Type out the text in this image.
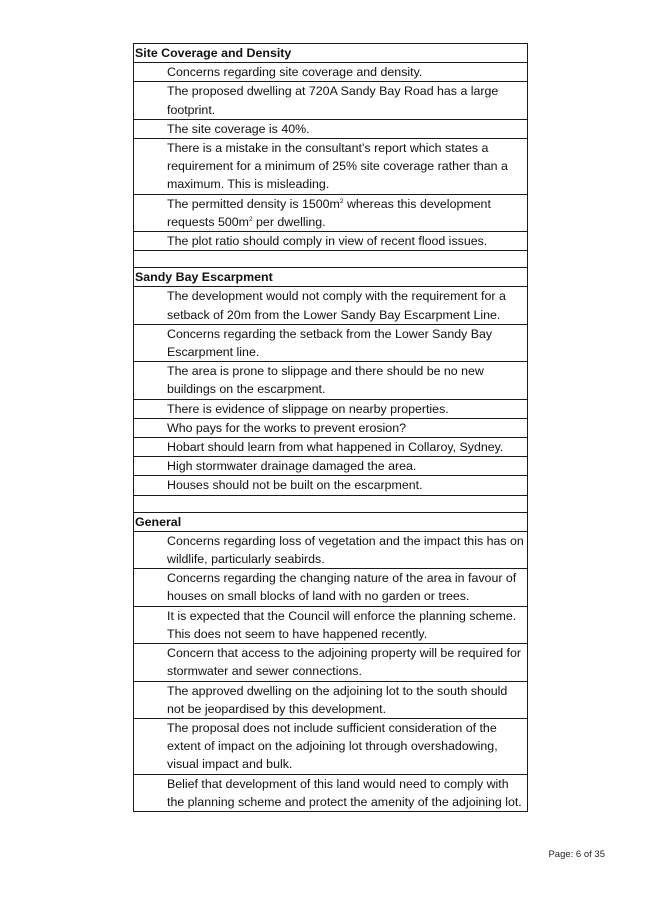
Site Coverage and Density
Concerns regarding site coverage and density.
The proposed dwelling at 720A Sandy Bay Road has a large footprint.
The site coverage is 40%.
There is a mistake in the consultant’s report which states a requirement for a minimum of 25% site coverage rather than a maximum. This is misleading.
The permitted density is $1500m^2$ whereas this development requests $500m^2$ per dwelling.
The plot ratio should comply in view of recent flood issues.

Sandy Bay Escarpment
The development would not comply with the requirement for a setback of 20m from the Lower Sandy Bay Escarpment Line.
Concerns regarding the setback from the Lower Sandy Bay Escarpment line.
The area is prone to slippage and there should be no new buildings on the escarpment.
There is evidence of slippage on nearby properties.
Who pays for the works to prevent erosion?
Hobart should learn from what happened in Collaroy, Sydney.
High stormwater drainage damaged the area.
Houses should not be built on the escarpment.

General
Concerns regarding loss of vegetation and the impact this has on wildlife, particularly seabirds.
Concerns regarding the changing nature of the area in favour of houses on small blocks of land with no garden or trees.
It is expected that the Council will enforce the planning scheme. This does not seem to have happened recently.
Concern that access to the adjoining property will be required for stormwater and sewer connections.
The approved dwelling on the adjoining lot to the south should not be jeopardised by this development.
The proposal does not include sufficient consideration of the extent of impact on the adjoining lot through overshadowing, visual impact and bulk.
Belief that development of this land would need to comply with the planning scheme and protect the amenity of the adjoining lot.
Page: 6 of 35
